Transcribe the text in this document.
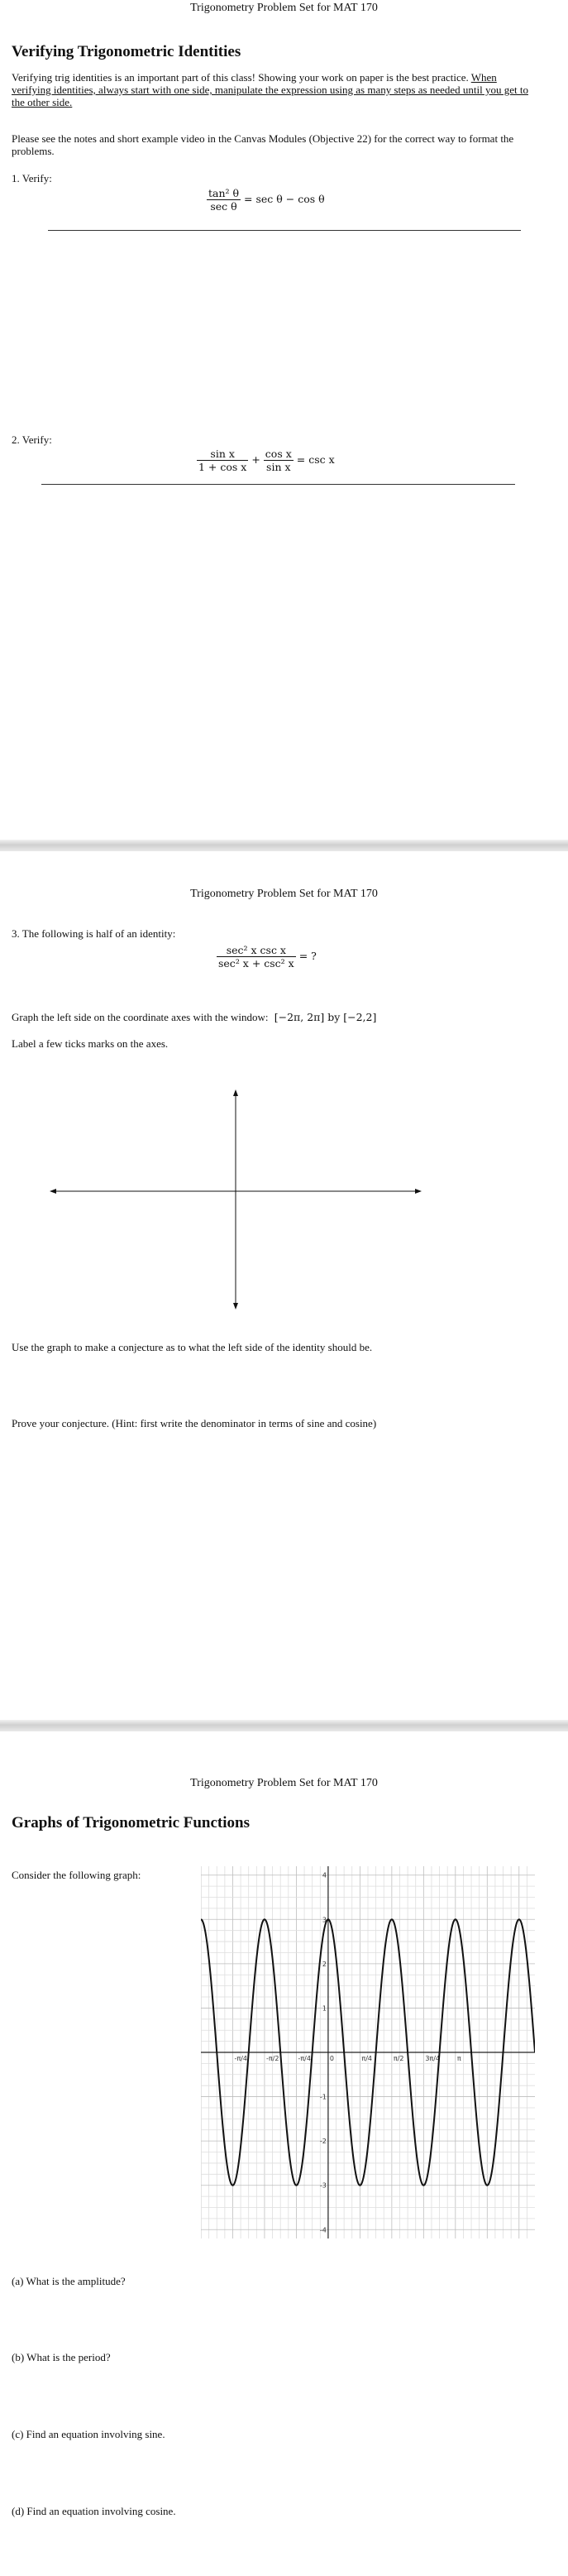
Trigonometry Problem Set for MAT 170
Verifying Trigonometric Identities
Verifying trig identities is an important part of this class! Showing your work on paper is the best practice. When verifying identities, always start with one side, manipulate the expression using as many steps as needed until you get to the other side.
Please see the notes and short example video in the Canvas Modules (Objective 22) for the correct way to format the problems.
1. Verify:
$\frac{\text{tan² θ}}{\text{sec θ}} = \sec \theta - \cos \theta$
2. Verify:
$\frac{\text{sin x}}{\text{1 + cos x}} + \frac{\text{cos x}}{\text{sin x}} = \csc x$
Trigonometry Problem Set for MAT 170
3. The following is half of an identity:
$\frac{\text{sec² x csc x}}{\text{sec² x + csc² x}}$ = ?
Graph the left side on the coordinate axes with the window: [−2π, 2π] by [−2,2]
Label a few ticks marks on the axes.
Use the graph to make a conjecture as to what the left side of the identity should be.
Prove your conjecture. (Hint: first write the denominator in terms of sine and cosine)
Trigonometry Problem Set for MAT 170
Graphs of Trigonometric Functions
Consider the following graph:
-π/4	-π/2	-π/4	0	π/4	π/2	3π/4	π
4
3
2
1
-1
-2
-3
-4
(a) What is the amplitude?
(b) What is the period?
(c) Find an equation involving sine.
(d) Find an equation involving cosine.
